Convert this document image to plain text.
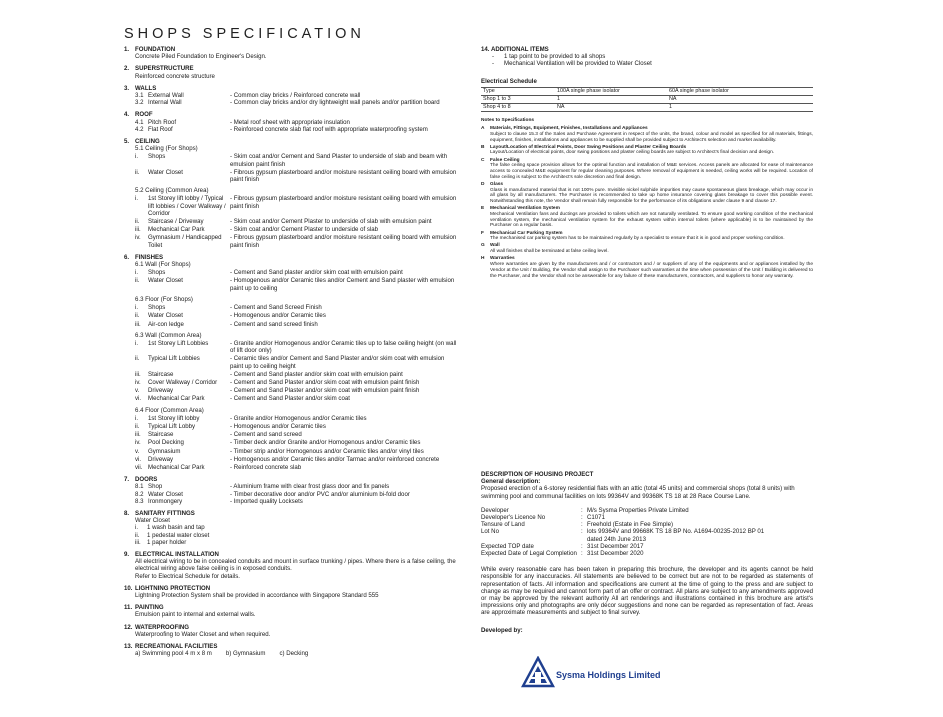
SHOPS SPECIFICATION
1. FOUNDATION
Concrete Piled Foundation to Engineer's Design.
2. SUPERSTRUCTURE
Reinforced concrete structure
3. WALLS
3.1 External Wall	- Common clay bricks / Reinforced concrete wall
3.2 Internal Wall	- Common clay bricks and/or dry lightweight wall panels and/or partition board
4. ROOF
4.1 Pitch Roof	- Metal roof sheet with appropriate insulation
4.2 Flat Roof	- Reinforced concrete slab flat roof with appropriate waterproofing system
5. CEILING
5.1 Ceiling (For Shops)
i.	Shops	- Skim coat and/or Cement and Sand Plaster to underside of slab and beam with emulsion paint finish
ii.	Water Closet	- Fibrous gypsum plasterboard and/or moisture resistant ceiling board with emulsion paint finish
5.2 Ceiling (Common Area)
i.	1st Storey lift lobby / Typical lift lobbies / Cover Walkway / Corridor
- Fibrous gypsum plasterboard and/or moisture resistant ceiling board with emulsion paint finish
ii.	Staircase / Driveway	- Skim coat and/or Cement Plaster to underside of slab with emulsion paint
iii.	Mechanical Car Park	- Skim coat and/or Cement Plaster to underside of slab
iv.	Gymnasium / Handicapped Toilet
- Fibrous gypsum plasterboard and/or moisture resistant ceiling board with emulsion paint finish
6. FINISHES
6.1 Wall (For Shops)
i.	Shops	- Cement and Sand plaster and/or skim coat with emulsion paint
ii.	Water Closet	- Homogenous and/or Ceramic tiles and/or Cement and Sand plaster with emulsion paint up to ceiling
6.3 Floor (For Shops)
i.	Shops	- Cement and Sand Screed Finish
ii.	Water Closet	- Homogenous and/or Ceramic tiles
iii.	Air-con ledge	- Cement and sand screed finish
6.3 Wall (Common Area)
i.	1st Storey Lift Lobbies	- Granite and/or Homogenous and/or Ceramic tiles up to false ceiling height (on wall of lift door only)
ii.	Typical Lift Lobbies	- Ceramic tiles and/or Cement and Sand Plaster and/or skim coat with emulsion paint up to ceiling height
iii.	Staircase	- Cement and Sand plaster and/or skim coat with emulsion paint
iv.	Cover Walkway / Corridor	- Cement and Sand Plaster and/or skim coat with emulsion paint finish
v.	Driveway	- Cement and Sand Plaster and/or skim coat with emulsion paint finish
vi.	Mechanical Car Park	- Cement and Sand Plaster and/or skim coat
6.4 Floor (Common Area)
i.	1st Storey lift lobby	- Granite and/or Homogenous and/or Ceramic tiles
ii.	Typical Lift Lobby	- Homogenous and/or Ceramic tiles
iii.	Staircase	- Cement and sand screed
iv.	Pool Decking	- Timber deck and/or Granite and/or Homogenous and/or Ceramic tiles
v.	Gymnasium	- Timber strip and/or Homogenous and/or Ceramic tiles and/or vinyl tiles
vi.	Driveway	- Homogenous and/or Ceramic tiles and/or Tarmac and/or reinforced concrete
vii. Mechanical Car Park	- Reinforced concrete slab
7. DOORS
8.1 Shop	- Aluminium frame with clear frost glass door and fix panels
8.2 Water Closet	- Timber decorative door and/or PVC and/or aluminium bi-fold door
8.3 Ironmongery	- Imported quality Locksets
8. SANITARY FITTINGS
Water Closet
i.	1 wash basin and tap
ii.	1 pedestal water closet
iii.	1 paper holder
9. ELECTRICAL INSTALLATION
All electrical wiring to be in concealed conduits and mount in surface trunking / pipes. Where there is a false ceiling, the electrical wiring above false ceiling is in exposed conduits.
Refer to Electrical Schedule for details.
10. LIGHTNING PROTECTION
Lightning Protection System shall be provided in accordance with Singapore Standard 555
11. PAINTING
Emulsion paint to internal and external walls.
12. WATERPROOFING
Waterproofing to Water Closet and when required.
13. RECREATIONAL FACILITIES
a) Swimming pool 4 m x 8 m b) Gymnasium c) Decking
14. ADDITIONAL ITEMS
-	1 tap point to be provided to all shops
-	Mechanical Ventilation will be provided to Water Closet
Electrical Schedule
Type	100A single phase isolator	60A single phase isolator
Shop 1 to 3	1	NA
Shop 4 to 8	NA	1
Notes to Specifications
A	Materials, Fittings, Equipment, Finishes, Installations and Appliances
Subject to clause 15.3 of the Sales and Purchase Agreement in respect of the units, the brand, colour and model as specified for all materials, fittings, equipment, finishes, installations and appliances to be supplied shall be provided subject to Architect's selection and market availability.
B	Layout/Location of Electrical Points, Door Swing Positions and Plaster Ceiling Boards
Layout/Location of electrical points, door swing positions and plaster ceiling boards are subject to Architect's final decision and design.
C	False Ceiling
The false ceiling space provision allows for the optimal function and installation of M&E services. Access panels are allocated for ease of maintenance access to concealed M&E equipment for regular cleaning purposes. Where removal of equipment is needed, ceiling works will be required. Location of false ceiling is subject to the Architect's sole discretion and final design.
D	Glass
Glass is manufactured material that is not 100% pure. Invisible nickel sulphide impurities may cause spontaneous glass breakage, which may occur in all glass by all manufacturers. The Purchaser is recommended to take up home insurance covering glass breakage to cover this possible event. Notwithstanding this note, the Vendor shall remain fully responsible for the performance of its obligations under clause 9 and clause 17.
E	Mechanical Ventilation System
Mechanical Ventilation fans and ductings are provided to toilets which are not naturally ventilated. To ensure good working condition of the mechanical ventilation system, the mechanical ventilation system for the exhaust system within internal toilets (where applicable) is to be maintained by the Purchaser on a regular basis.
F	Mechanical Car Parking System
The mechanised car parking system has to be maintained regularly by a specialist to ensure that it is in good and proper working condition.
G	Wall
All wall finishes shall be terminated at false ceiling level.
H	Warranties
Where warranties are given by the manufacturers and / or contractors and / or suppliers of any of the equipments and or appliances installed by the Vendor at the Unit / Building, the Vendor shall assign to the Purchaser such warranties at the time when possession of the Unit / Building is delivered to the Purchaser, and the Vendor shall not be answerable for any failure of these manufacturers, contractors, and suppliers to honor any warranty.
DESCRIPTION OF HOUSING PROJECT
General description:

Proposed erection of a 6-storey residential flats with an attic (total 45 units) and commercial shops (total 8 units) with swimming pool and communal facilities on lots 99364V and 99368K TS 18 at 28 Race Course Lane.

Developer	: M/s Sysma Properties Private Limited
Developer's Licence No	: C1071
Tensure of Land	: Freehold (Estate in Fee Simple)
Lot No	: lots 99364V and 99668K TS 18 BP No. A1694-00235-2012 BP 01
dated 24th June 2013
Expected TOP date	: 31st December 2017
Expected Date of Legal Completion : 31st December 2020

While every reasonable care has been taken in preparing this brochure, the developer and its agents cannot be held responsible for any inaccuracies. All statements are believed to be correct but are not to be regarded as statements of representation of facts. All information and specifications are current at the time of going to the press and are subject to change as may be required and cannot form part of an offer or contract. All plans are subject to any amendments approved or may be approved by the relevant authority All art renderings and illustrations contained in this brochure are artist's impressions only and photographs are only décor suggestions and none can be regarded as representation of fact. Areas are approximate measurements and subject to final survey.

Developed by:
Sysma Holdings Limited
